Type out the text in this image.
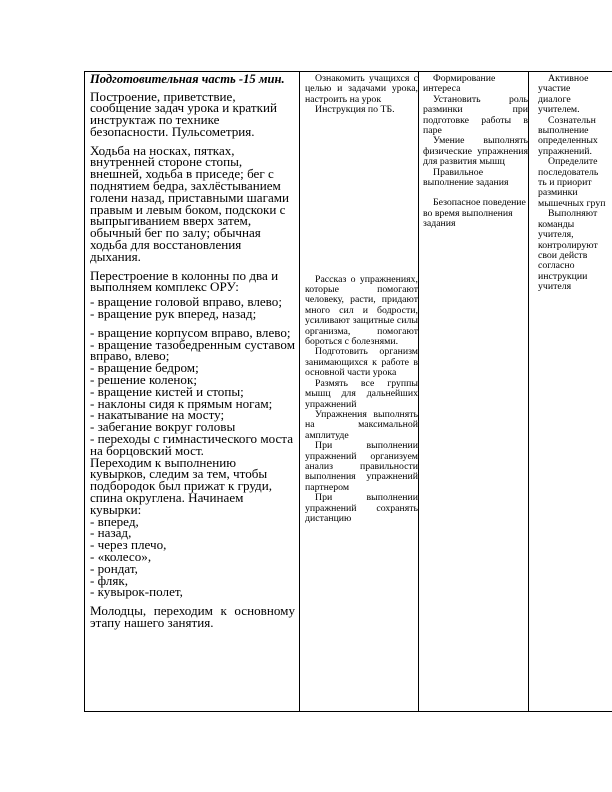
Подготовительная часть -15 мин.

Построение, приветствие, сообщение задач урока и краткий инструктаж по технике безопасности. Пульсометрия.

Ходьба на носках, пятках, внутренней стороне стопы, внешней, ходьба в приседе; бег с поднятием бедра, захлёстыванием голени назад, приставными шагами правым и левым боком, подскоки с выпрыгиванием вверх затем, обычный бег по залу; обычная ходьба для восстановления дыхания.

Перестроение в колонны по два и выполняем комплекс ОРУ:

- вращение головой вправо, влево;

- вращение рук вперед, назад;

- вращение корпусом вправо, влево;

- вращение тазобедренным суставом вправо, влево;

- вращение бедром;

- решение коленок;

- вращение кистей и стопы;

- наклоны сидя к прямым ногам;

- накатывание на мосту;

- забегание вокруг головы

- переходы с гимнастического моста на борцовский мост.

Переходим к выполнению кувырков, следим за тем, чтобы подбородок был прижат к груди, спина округлена. Начинаем кувырки:

- вперед,

- назад,

- через плечо,

- «колесо»,

- рондат,

- фляк,

- кувырок-полет,

Молодцы, переходим к основному этапу нашего занятия.

Ознакомить учащихся с целью и задачами урока, настроить на урок

Инструкция по ТБ.

Рассказ о упражнениях, которые помогают человеку, расти, придают много сил и бодрости, усиливают защитные силы организма, помогают бороться с болезнями.

Подготовить организм занимающихся к работе в основной части урока

Размять все группы мышц для дальнейших упражнений

Упражнения выполнять на максимальной амплитуде

При выполнении упражнений организуем анализ правильности выполнения упражнений партнером

При выполнении упражнений сохранять дистанцию

Формирование интереса

Установить роль разминки при подготовке работы в паре

Умение выполнять физические упражнения для развития мышц

Правильное выполнение задания

Безопасное поведение во время выполнения задания

Активное

участие

диалоге

учителем.

Сознательн

выполнение

определенных

упражнений.

Определите

последователь

ть и приорит

разминки

мышечных груп

Выполняют

команды

учителя,

контролируют

свои действ

согласно

инструкции

учителя
